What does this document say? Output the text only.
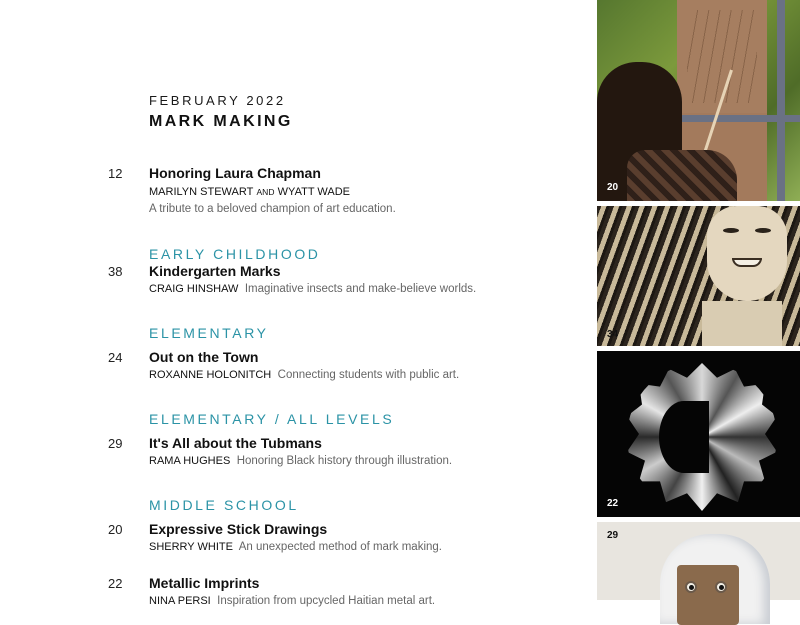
FEBRUARY 2022
MARK MAKING
12 Honoring Laura Chapman
MARILYN STEWART AND WYATT WADE
A tribute to a beloved champion of art education.
EARLY CHILDHOOD
38 Kindergarten Marks
CRAIG HINSHAW Imaginative insects and make-believe worlds.
ELEMENTARY
24 Out on the Town
ROXANNE HOLONITCH Connecting students with public art.
ELEMENTARY / ALL LEVELS
29 It's All about the Tubmans
RAMA HUGHES Honoring Black history through illustration.
MIDDLE SCHOOL
20 Expressive Stick Drawings
SHERRY WHITE An unexpected method of mark making.
22 Metallic Imprints
NINA PERSI Inspiration from upcycled Haitian metal art.
20
34
22
29
